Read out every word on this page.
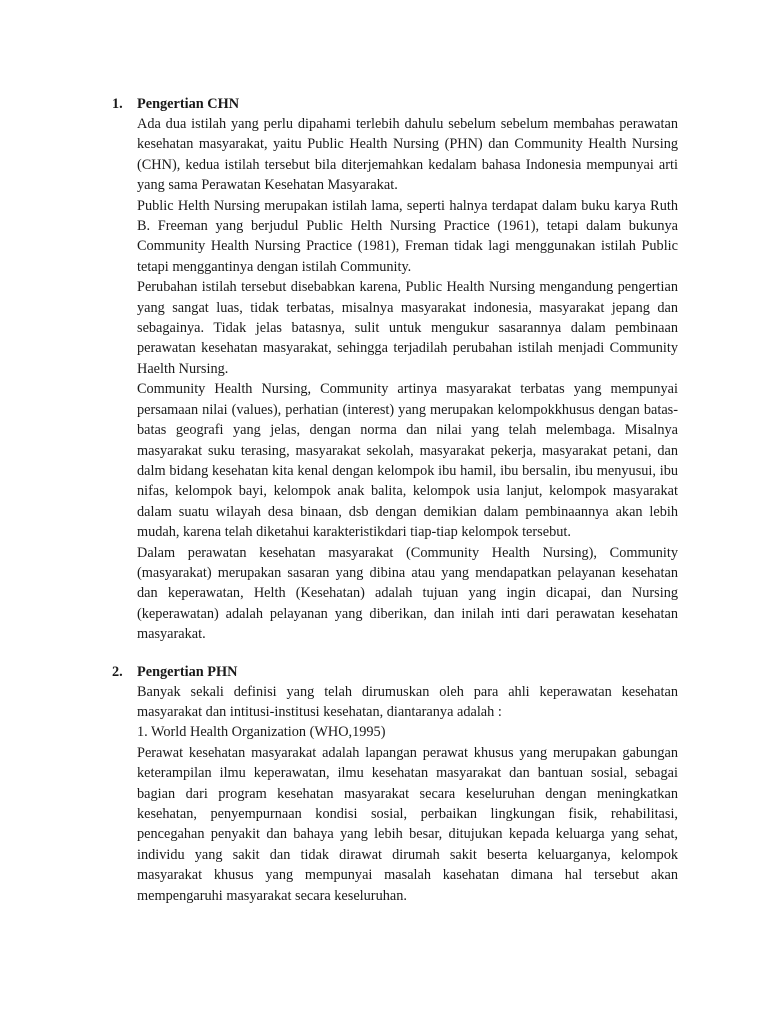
1. Pengertian CHN

Ada dua istilah yang perlu dipahami terlebih dahulu sebelum sebelum membahas perawatan kesehatan masyarakat, yaitu Public Health Nursing (PHN) dan Community Health Nursing (CHN), kedua istilah tersebut bila diterjemahkan kedalam bahasa Indonesia mempunyai arti yang sama Perawatan Kesehatan Masyarakat.

Public Helth Nursing merupakan istilah lama, seperti halnya terdapat dalam buku karya Ruth B. Freeman yang berjudul Public Helth Nursing Practice (1961), tetapi dalam bukunya Community Health Nursing Practice (1981), Freman tidak lagi menggunakan istilah Public tetapi menggantinya dengan istilah Community.

Perubahan istilah tersebut disebabkan karena, Public Health Nursing mengandung pengertian yang sangat luas, tidak terbatas, misalnya masyarakat indonesia, masyarakat jepang dan sebagainya. Tidak jelas batasnya, sulit untuk mengukur sasarannya dalam pembinaan perawatan kesehatan masyarakat, sehingga terjadilah perubahan istilah menjadi Community Haelth Nursing.

Community Health Nursing, Community artinya masyarakat terbatas yang mempunyai persamaan nilai (values), perhatian (interest) yang merupakan kelompokkhusus dengan batas-batas geografi yang jelas, dengan norma dan nilai yang telah melembaga. Misalnya masyarakat suku terasing, masyarakat sekolah, masyarakat pekerja, masyarakat petani, dan dalm bidang kesehatan kita kenal dengan kelompok ibu hamil, ibu bersalin, ibu menyusui, ibu nifas, kelompok bayi, kelompok anak balita, kelompok usia lanjut, kelompok masyarakat dalam suatu wilayah desa binaan, dsb dengan demikian dalam pembinaannya akan lebih mudah, karena telah diketahui karakteristikdari tiap-tiap kelompok tersebut.

Dalam perawatan kesehatan masyarakat (Community Health Nursing), Community (masyarakat) merupakan sasaran yang dibina atau yang mendapatkan pelayanan kesehatan dan keperawatan, Helth (Kesehatan) adalah tujuan yang ingin dicapai, dan Nursing (keperawatan) adalah pelayanan yang diberikan, dan inilah inti dari perawatan kesehatan masyarakat.

2. Pengertian PHN

Banyak sekali definisi yang telah dirumuskan oleh para ahli keperawatan kesehatan masyarakat dan intitusi-institusi kesehatan, diantaranya adalah :

1. World Health Organization (WHO,1995)

Perawat kesehatan masyarakat adalah lapangan perawat khusus yang merupakan gabungan keterampilan ilmu keperawatan, ilmu kesehatan masyarakat dan bantuan sosial, sebagai bagian dari program kesehatan masyarakat secara keseluruhan dengan meningkatkan kesehatan, penyempurnaan kondisi sosial, perbaikan lingkungan fisik, rehabilitasi, pencegahan penyakit dan bahaya yang lebih besar, ditujukan kepada keluarga yang sehat, individu yang sakit dan tidak dirawat dirumah sakit beserta keluarganya, kelompok masyarakat khusus yang mempunyai masalah kasehatan dimana hal tersebut akan mempengaruhi masyarakat secara keseluruhan.
